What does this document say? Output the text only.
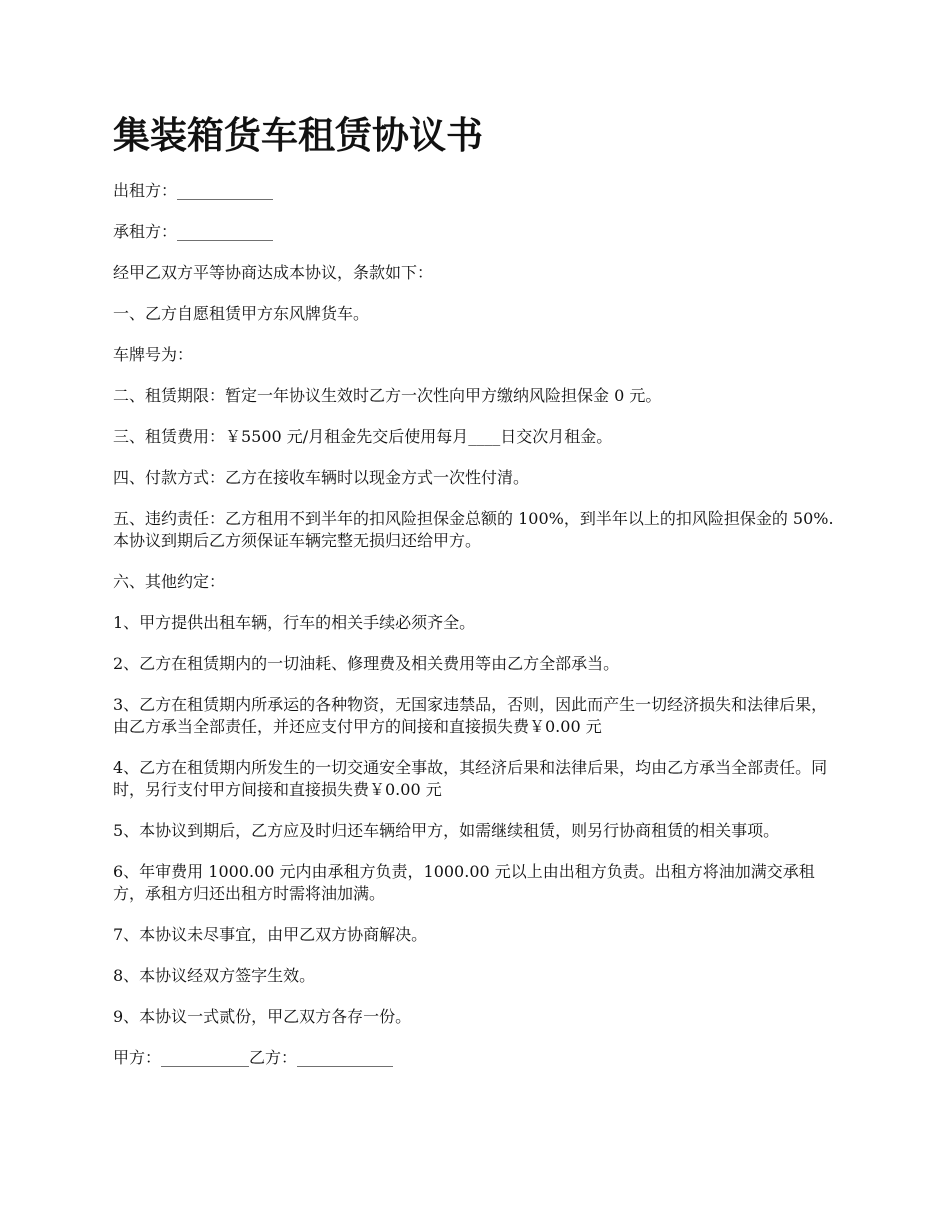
集装箱货车租赁协议书

出租方：____________

承租方：____________

经甲乙双方平等协商达成本协议，条款如下：

一、乙方自愿租赁甲方东风牌货车。

车牌号为：

二、租赁期限：暂定一年协议生效时乙方一次性向甲方缴纳风险担保金 0 元。

三、租赁费用：￥5500 元/月租金先交后使用每月____日交次月租金。

四、付款方式：乙方在接收车辆时以现金方式一次性付清。

五、违约责任：乙方租用不到半年的扣风险担保金总额的 100%，到半年以上的扣风险担保金的 50%.本协议到期后乙方须保证车辆完整无损归还给甲方。

六、其他约定：

1、甲方提供出租车辆，行车的相关手续必须齐全。

2、乙方在租赁期内的一切油耗、修理费及相关费用等由乙方全部承当。

3、乙方在租赁期内所承运的各种物资，无国家违禁品，否则，因此而产生一切经济损失和法律后果，由乙方承当全部责任，并还应支付甲方的间接和直接损失费￥0.00 元

4、乙方在租赁期内所发生的一切交通安全事故，其经济后果和法律后果，均由乙方承当全部责任。同时，另行支付甲方间接和直接损失费￥0.00 元

5、本协议到期后，乙方应及时归还车辆给甲方，如需继续租赁，则另行协商租赁的相关事项。

6、年审费用 1000.00 元内由承租方负责，1000.00 元以上由出租方负责。出租方将油加满交承租方，承租方归还出租方时需将油加满。

7、本协议未尽事宜，由甲乙双方协商解决。

8、本协议经双方签字生效。

9、本协议一式贰份，甲乙双方各存一份。

甲方：___________乙方：____________
